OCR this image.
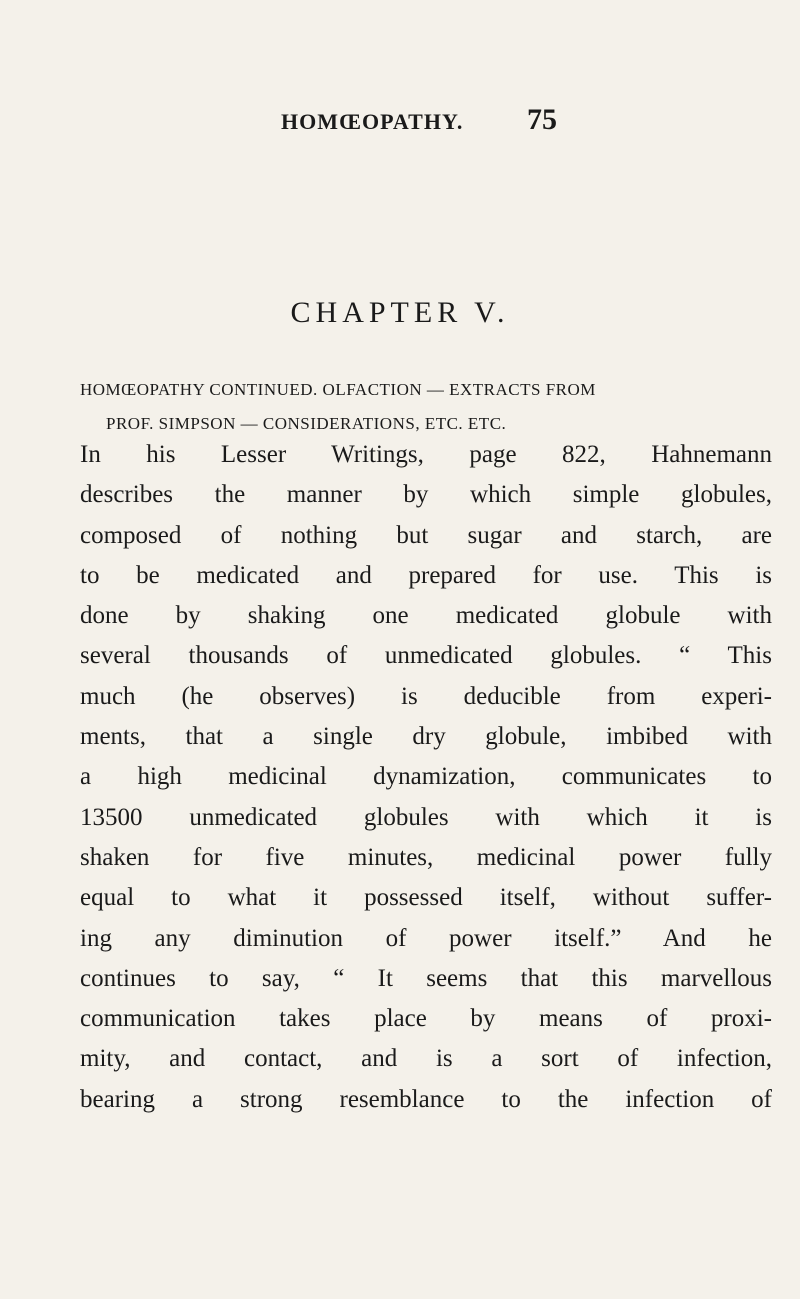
HOMŒOPATHY. 75
CHAPTER V.
HOMŒOPATHY CONTINUED. OLFACTION — EXTRACTS FROM
PROF. SIMPSON — CONSIDERATIONS, ETC. ETC.
In his Lesser Writings, page 822, Hahnemann
describes the manner by which simple globules,
composed of nothing but sugar and starch, are
to be medicated and prepared for use. This is
done by shaking one medicated globule with
several thousands of unmedicated globules. “ This
much (he observes) is deducible from experi-
ments, that a single dry globule, imbibed with
a high medicinal dynamization, communicates to
13500 unmedicated globules with which it is
shaken for five minutes, medicinal power fully
equal to what it possessed itself, without suffer-
ing any diminution of power itself.” And he
continues to say, “ It seems that this marvellous
communication takes place by means of proxi-
mity, and contact, and is a sort of infection,
bearing a strong resemblance to the infection of
